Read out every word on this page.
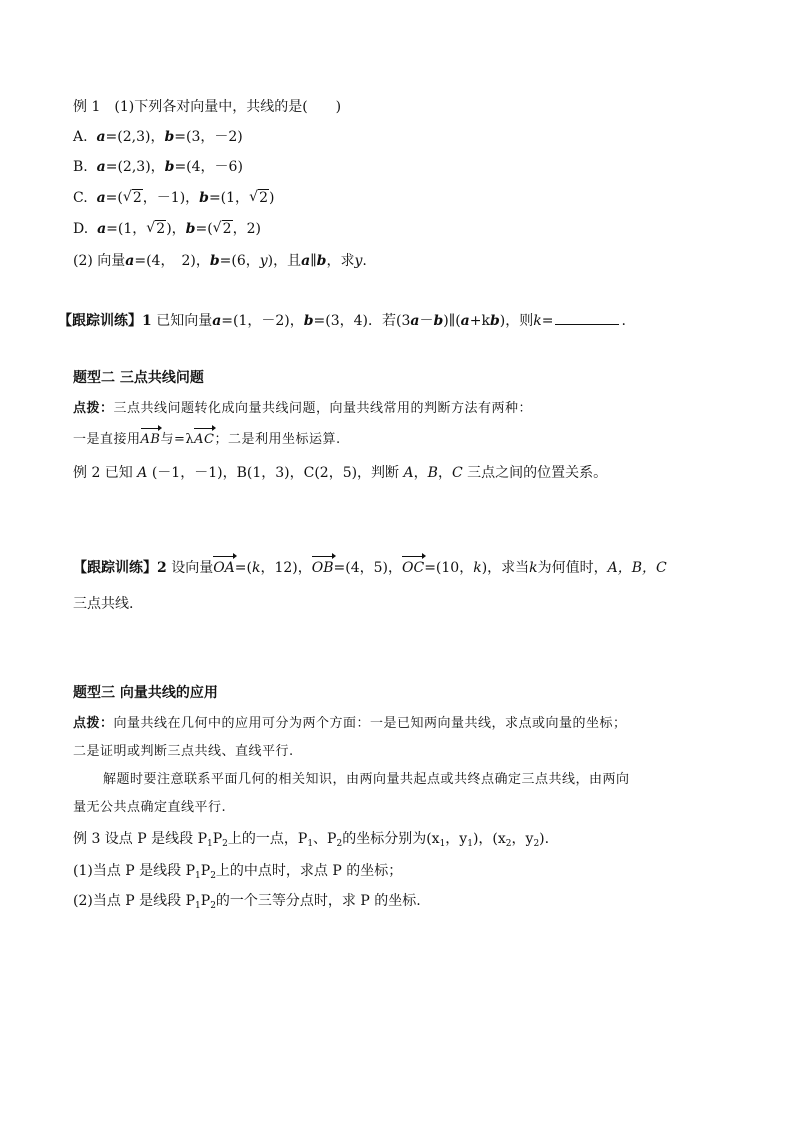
例 1　(1)下列各对向量中，共线的是(　　)
A. a=(2,3)，b=(3，－2)
B. a=(2,3)，b=(4，－6)
C. a=( √ 2，－1)，b=(1， √ 2)
D. a=(1， √ 2)，b=( √ 2，2)
(2) 向量a=(4，　2)，b=(6，y)，且a∥b，求y.
【跟踪训练】1 已知向量a=(1，－2)，b=(3，4)．若(3a－b)∥(a+kb)，则k=	.
题型二 三点共线问题
点拨：三点共线问题转化成向量共线问题，向量共线常用的判断方法有两种：
一是直接用AB与=λAC；二是利用坐标运算.
例 2 已知 A (－1，－1)，B(1，3)，C(2，5)，判断 A，B，C 三点之间的位置关系。
【跟踪训练】2 设向量OA=(k，12)，OB=(4，5)，OC=(10，k)，求当k为何值时，A，B，C
三点共线.
题型三 向量共线的应用
点拨：向量共线在几何中的应用可分为两个方面：一是已知两向量共线，求点或向量的坐标；
二是证明或判断三点共线、直线平行.
解题时要注意联系平面几何的相关知识，由两向量共起点或共终点确定三点共线，由两向
量无公共点确定直线平行.
例 3 设点 P 是线段 $P_1P_2$上的一点，$P_1$、$P_2$的坐标分别为($x_1$，$y_1$)，($x_2$，$y_2$).
(1)当点 P 是线段 $P_1P_2$上的中点时，求点 P 的坐标；
(2)当点 P 是线段 $P_1P_2$的一个三等分点时，求 P 的坐标.
